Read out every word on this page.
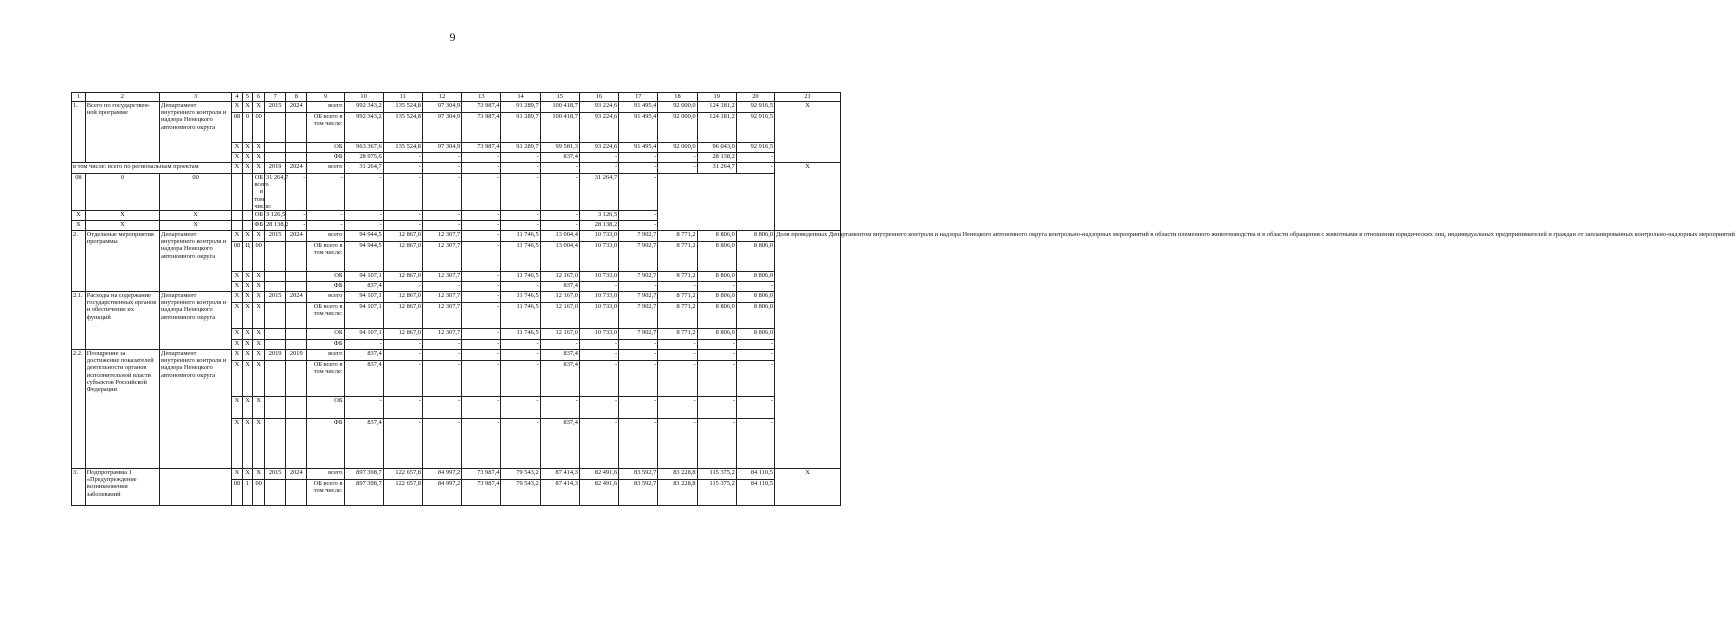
9
1	2	3	4	5	6	7	8	9	10	11	12	13	14	15	16	17	18	19	20	21
1.	Всего по государствен-ной программе	Департамент внутреннего контроля и надзора Ненецкого автономного округа	X	X	X	2015	2024	всего	992 343,2	135 524,8	97 304,9	73 987,4	91 289,7	100 418,7	93 224,6	91 495,4	92 000,0	124 181,2	92 916,5	X
			08	0	00			ОБ всего в том числе:	992 343,2	135 524,8	97 304,9	73 987,4	91 289,7	100 418,7	93 224,6	91 495,4	92 000,0	124 181,2	92 916,5	
			X	X	X			ОБ	963 367,6	135 524,8	97 304,9	73 987,4	91 289,7	99 581,3	93 224,6	91 495,4	92 000,0	96 043,0	92 916,5	
			X	X	X			ФБ	28 975,6	-	-	-	-	837,4	-	-	-	28 138,2	-	
в том числе: всего по региональным проектам			X	X	X	2019	2024	всего	31 264,7	-	-	-	-	-	-	-	-	31 264,7	-	X
08	0	00			ОБ всего в том числе:	31 264,7	-	-	-	-	-	-	-	-	31 264,7	-				
X	X	X			ОБ	3 126,5	-	-	-	-	-	-	-	-	3 126,5	-				
X	X	X			ФБ	28 138,2	-	-	-	-	-	-	-	-	28 138,2	-				
2.	Отдельные мероприятия программы	Департамент внутреннего контроля и надзора Ненецкого автономного округа	X	X	X	2015	2024	всего	94 944,5	12 867,0	12 307,7	-	11 746,5	13 004,4	10 733,0	7 902,7	8 771,2	8 806,0	8 806,0	Доля проведенных Департаментом внутреннего контроля и надзора Ненецкого автономного округа контрольно-надзорных мероприятий в области племенного животноводства и в области обращения с животными в отношении юридических лиц, индивидуальных предпринимателей и граждан от запланированных контрольно-надзорных мероприятий
			08	Ц	00			ОБ всего в том числе:	94 944,5	12 867,0	12 307,7	-	11 746,5	13 004,4	10 733,0	7 902,7	8 771,2	8 806,0	8 806,0	
			X	X	X			ОБ	94 107,1	12 867,0	12 307,7	-	11 746,5	12 167,0	10 733,0	7 902,7	8 771,2	8 806,0	8 806,0	
			X	X	X			ФБ	837,4	-	-	-	-	837,4	-	-	-	-	-	
2.1.	Расходы на содержание государственных органов и обеспечение их функций	Департамент внутреннего контроля и надзора Ненецкого автономного округа	X	X	X	2015	2024	всего	94 107,1	12 867,0	12 307,7	-	11 746,5	12 167,0	10 733,0	7 902,7	8 771,2	8 806,0	8 806,0	
			X	X	X			ОБ всего в том числе:	94 107,1	12 867,0	12 307,7	-	11 746,5	12 167,0	10 733,0	7 902,7	8 771,2	8 806,0	8 806,0	
			X	X	X			ОБ	94 107,1	12 867,0	12 307,7	-	11 746,5	12 167,0	10 733,0	7 902,7	8 771,2	8 806,0	8 806,0	
			X	X	X			ФБ	-	-	-	-	-	-	-	-	-	-	-	
2.2.	Поощрение за достижение показателей деятельности органов исполнительной власти субъектов Российской Федерации	Департамент внутреннего контроля и надзора Ненецкого автономного округа	X	X	X	2019	2019	всего	837,4	-	-	-	-	837,4	-	-	-	-	-	
			X	X	X			ОБ всего в том числе:	837,4	-	-	-	-	837,4	-	-	-	-	-	
			X	X	X			ОБ	-	-	-	-	-	-	-	-	-	-	-	
			X	X	X			ФБ	837,4	-	-	-	-	837,4	-	-	-	-	-	
3.	Подпрограмма 1 «Предупреждение возникновения заболеваний		X	X	X	2015	2024	всего	897 398,7	122 657,8	84 997,2	73 987,4	79 543,2	87 414,3	82 491,6	83 592,7	83 228,8	115 375,2	84 110,5	X
			08	1	00			ОБ всего в том числе:	897 398,7	122 657,8	84 997,2	73 987,4	79 543,2	87 414,3	82 491,6	83 592,7	83 228,8	115 375,2	84 110,5	
